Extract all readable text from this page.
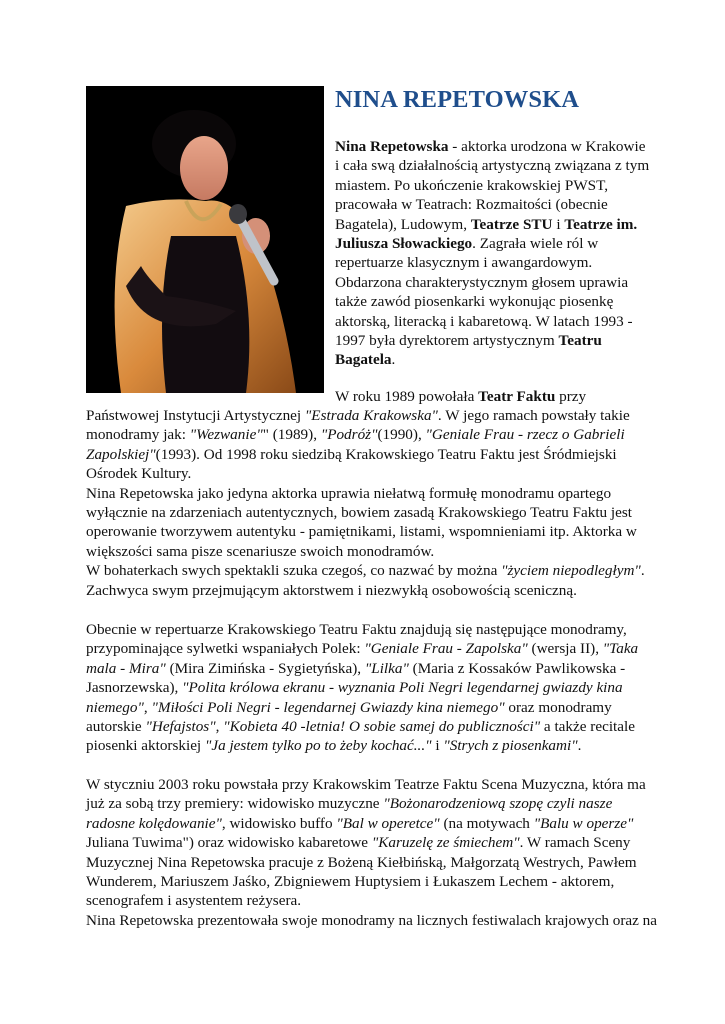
NINA REPETOWSKA
Nina Repetowska - aktorka urodzona w Krakowie
i cała swą działalnością artystyczną związana z tym
miastem. Po ukończenie krakowskiej PWST,
pracowała w Teatrach: Rozmaitości (obecnie
Bagatela), Ludowym, Teatrze STU i Teatrze im.
Juliusza Słowackiego. Zagrała wiele ról w
repertuarze klasycznym i awangardowym.
Obdarzona charakterystycznym głosem uprawia
także zawód piosenkarki wykonując piosenkę
aktorską, literacką i kabaretową. W latach 1993 -
1997 była dyrektorem artystycznym Teatru
Bagatela.
W roku 1989 powołała Teatr Faktu przy
Państwowej Instytucji Artystycznej "Estrada Krakowska". W jego ramach powstały takie
monodramy jak: "Wezwanie"" (1989), "Podróż"(1990), "Geniale Frau - rzecz o Gabrieli
Zapolskiej"(1993). Od 1998 roku siedzibą Krakowskiego Teatru Faktu jest Śródmiejski
Ośrodek Kultury.
Nina Repetowska jako jedyna aktorka uprawia niełatwą formułę monodramu opartego
wyłącznie na zdarzeniach autentycznych, bowiem zasadą Krakowskiego Teatru Faktu jest
operowanie tworzywem autentyku - pamiętnikami, listami, wspomnieniami itp. Aktorka w
większości sama pisze scenariusze swoich monodramów.
W bohaterkach swych spektakli szuka czegoś, co nazwać by można "życiem niepodległym".
Zachwyca swym przejmującym aktorstwem i niezwykłą osobowością sceniczną.
Obecnie w repertuarze Krakowskiego Teatru Faktu znajdują się następujące monodramy,
przypominające sylwetki wspaniałych Polek: "Geniale Frau - Zapolska" (wersja II), "Taka
mala - Mira" (Mira Zimińska - Sygietyńska), "Lilka" (Maria z Kossaków Pawlikowska -
Jasnorzewska), "Polita królowa ekranu - wyznania Poli Negri legendarnej gwiazdy kina
niemego", "Miłości Poli Negri - legendarnej Gwiazdy kina niemego" oraz monodramy
autorskie "Hefajstos", "Kobieta 40 -letnia! O sobie samej do publiczności" a także recitale
piosenki aktorskiej "Ja jestem tylko po to żeby kochać..." i "Strych z piosenkami".
W styczniu 2003 roku powstała przy Krakowskim Teatrze Faktu Scena Muzyczna, która ma
już za sobą trzy premiery: widowisko muzyczne "Bożonarodzeniową szopę czyli nasze
radosne kolędowanie", widowisko buffo "Bal w operetce" (na motywach "Balu w operze"
Juliana Tuwima") oraz widowisko kabaretowe "Karuzelę ze śmiechem". W ramach Sceny
Muzycznej Nina Repetowska pracuje z Bożeną Kiełbińską, Małgorzatą Westrych, Pawłem
Wunderem, Mariuszem Jaśko, Zbigniewem Huptysiem i Łukaszem Lechem - aktorem,
scenografem i asystentem reżysera.
Nina Repetowska prezentowała swoje monodramy na licznych festiwalach krajowych oraz na
